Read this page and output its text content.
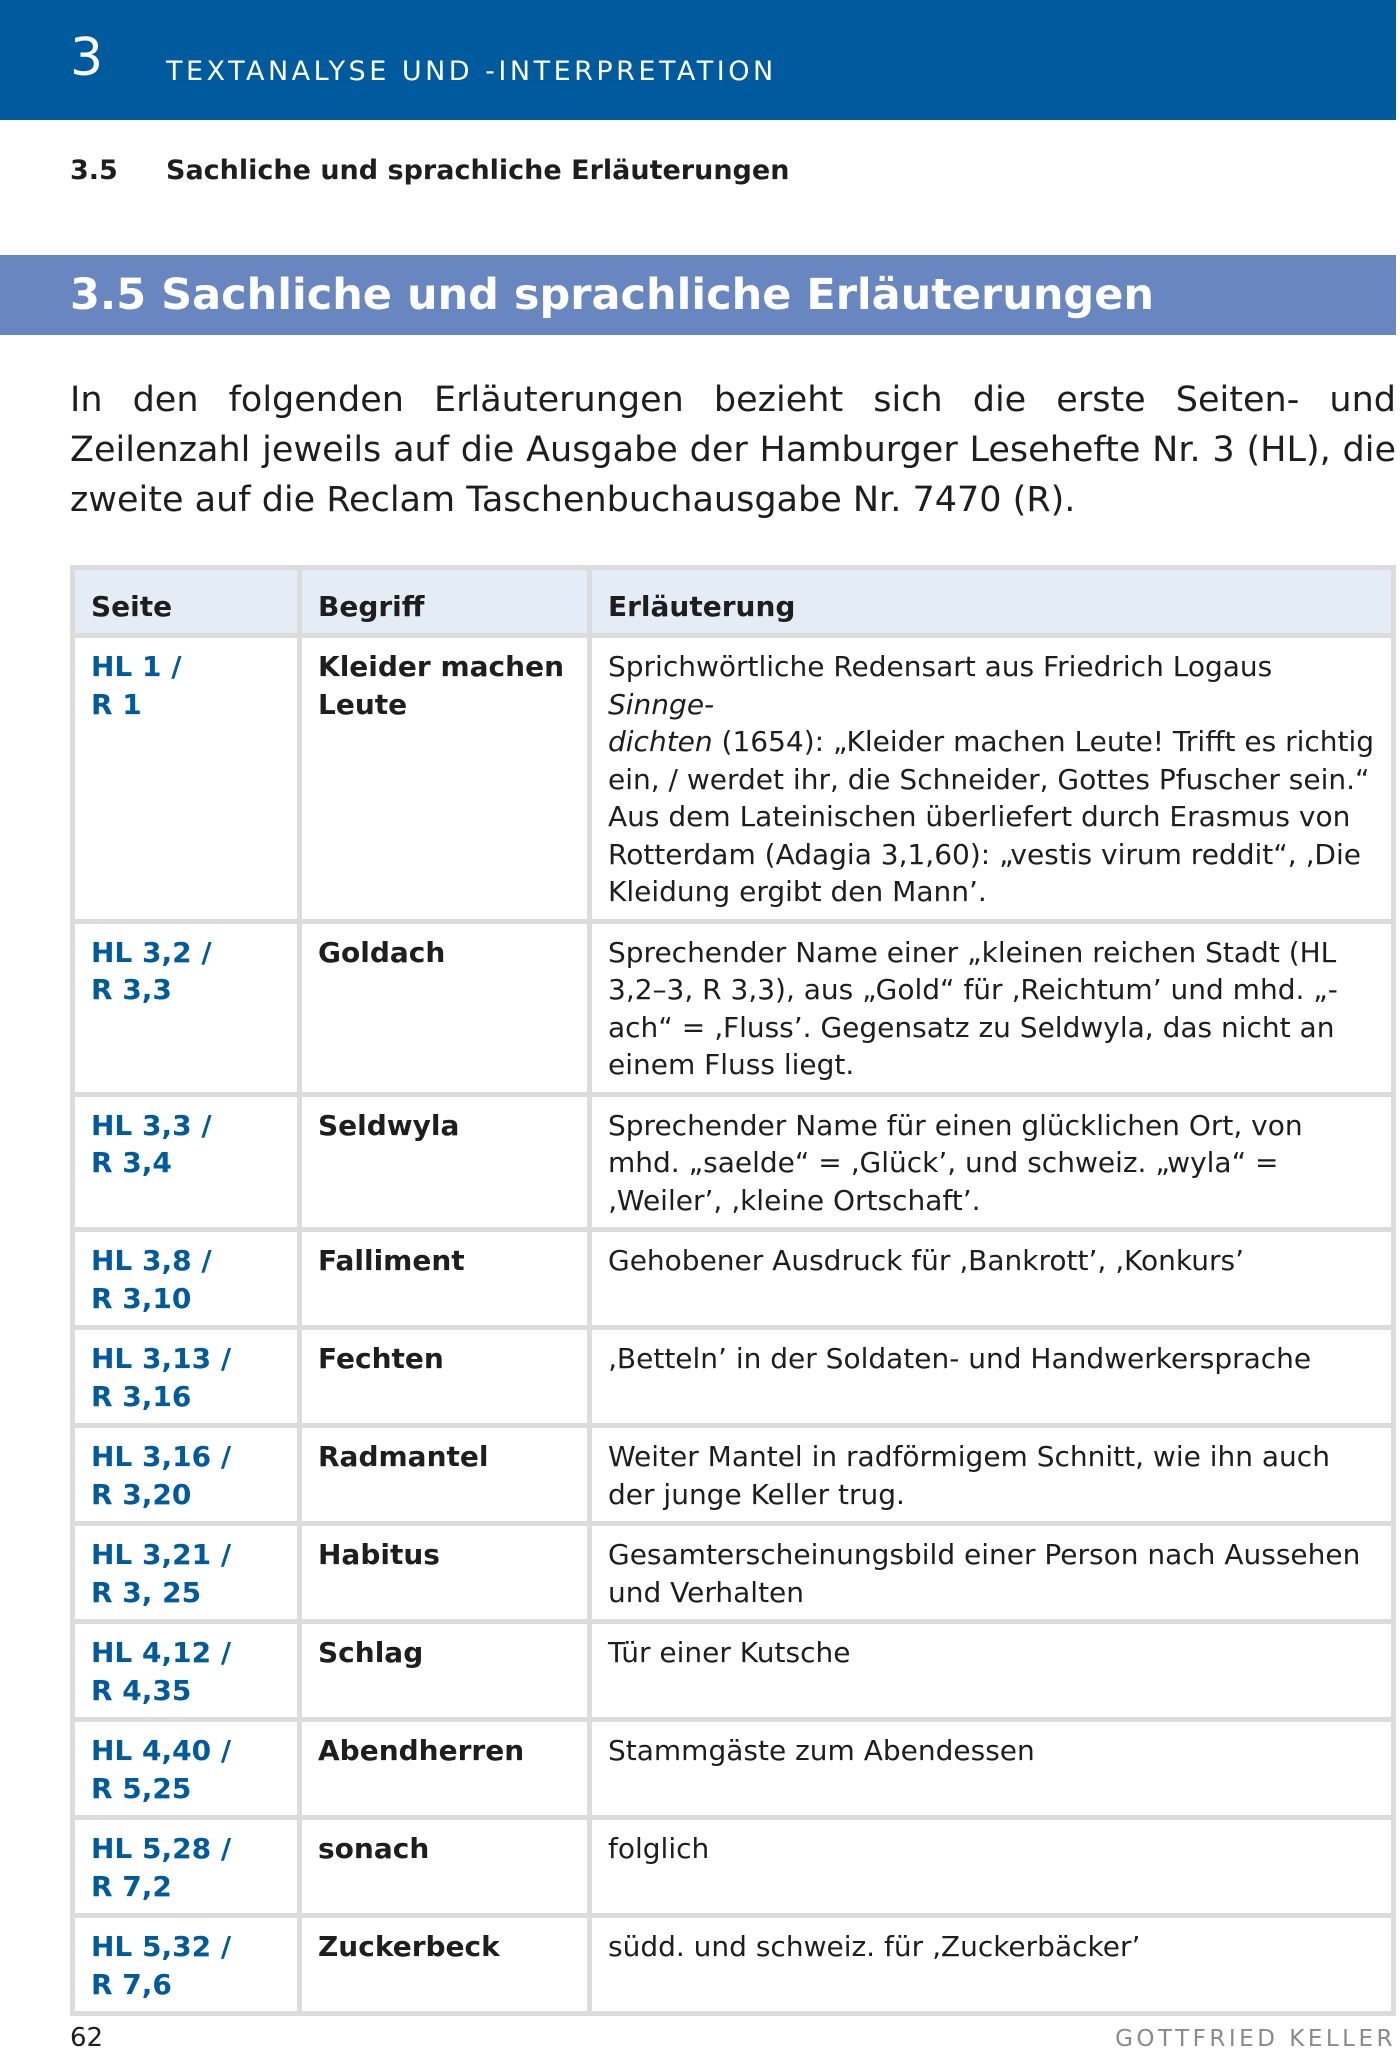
3 TEXTANALYSE UND -INTERPRETATION
3.5 Sachliche und sprachliche Erläuterungen
3.5 Sachliche und sprachliche Erläuterungen

In den folgenden Erläuterungen bezieht sich die erste Seiten- und Zeilenzahl jeweils auf die Ausgabe der Hamburger Lesehefte Nr. 3 (HL), die zweite auf die Reclam Taschenbuchausgabe Nr. 7470 (R).

Seite	Begriff	Erläuterung
HL 1 /
R 1	Kleider machen Leute	Sprichwörtliche Redensart aus Friedrich Logaus Sinnge-
dichten (1654): „Kleider machen Leute! Trifft es richtig ein, / werdet ihr, die Schneider, Gottes Pfuscher sein.“ Aus dem Lateinischen überliefert durch Erasmus von Rotterdam (Adagia 3,1,60): „vestis virum reddit“, ‚Die Kleidung ergibt den Mann’.
HL 3,2 /
R 3,3	Goldach	Sprechender Name einer „kleinen reichen Stadt (HL 3,2–3, R 3,3), aus „Gold“ für ‚Reichtum’ und mhd. „-ach“ = ‚Fluss’. Gegensatz zu Seldwyla, das nicht an einem Fluss liegt.
HL 3,3 /
R 3,4	Seldwyla	Sprechender Name für einen glücklichen Ort, von mhd. „saelde“ = ‚Glück’, und schweiz. „wyla“ = ‚Weiler’, ‚kleine Ortschaft’.
HL 3,8 /
R 3,10	Falliment	Gehobener Ausdruck für ‚Bankrott’, ‚Konkurs’
HL 3,13 /
R 3,16	Fechten	‚Betteln’ in der Soldaten- und Handwerkersprache
HL 3,16 /
R 3,20	Radmantel	Weiter Mantel in radförmigem Schnitt, wie ihn auch der junge Keller trug.
HL 3,21 /
R 3, 25	Habitus	Gesamterscheinungsbild einer Person nach Aussehen und Verhalten
HL 4,12 /
R 4,35	Schlag	Tür einer Kutsche
HL 4,40 /
R 5,25	Abendherren	Stammgäste zum Abendessen
HL 5,28 /
R 7,2	sonach	folglich
HL 5,32 /
R 7,6	Zuckerbeck	südd. und schweiz. für ‚Zuckerbäcker’
62	GOTTFRIED KELLER
